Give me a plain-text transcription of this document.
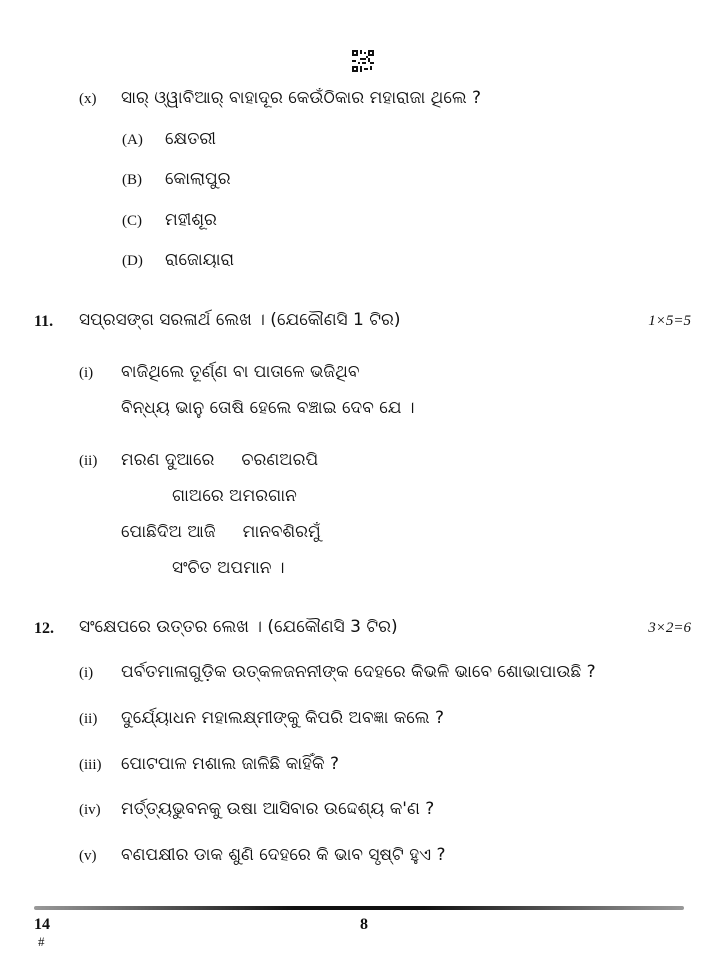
(x) ସାର୍ ଓ୍ୱାବିଆର୍ ବାହାଦୂର କେଉଁଠିକାର ମହାରାଜା ଥିଲେ ?
(A) କ୍ଷେତରୀ
(B) କୋଲାପୁର
(C) ମହୀଶୂର
(D) ରାଜୋୟାରା
11. ସପ୍ରସଙ୍ଗ ସରଳାର୍ଥ ଲେଖ । (ଯେକୌଣସି 1 ଟିର)	1×5=5
(i) ବାଜିଥିଲେ ତୂର୍ଣ୍ଣ ବା ପାତାଳେ ଭଜିଥିବ
ବିନ୍ଧ୍ୟ ଭାନୁ ତୋଷି ହେଲେ ବଞ୍ଚାଇ ଦେବ ଯେ ।
(ii) ମରଣ ଦୁଆରେ     ଚରଣଅରପି
ଗାଅରେ ଅମରଗାନ
ପୋଛିଦିଅ ଆଜି     ମାନବଶିରମୁଁ
ସଂଚିତ ଅପମାନ ।
12. ସଂକ୍ଷେପରେ ଉତ୍ତର ଲେଖ । (ଯେକୌଣସି 3 ଟିର)	3×2=6
(i) ପର୍ବତମାଳାଗୁଡ଼ିକ ଉତ୍କଳଜନନୀଙ୍କ ଦେହରେ କିଭଳି ଭାବେ ଶୋଭାପାଉଛି ?
(ii) ଦୁର୍ଯ୍ୟୋଧନ ମହାଲକ୍ଷ୍ମୀଙ୍କୁ କିପରି ଅବଜ୍ଞା କଲେ ?
(iii) ପୋଟପାଳ ମଶାଲ ଜାଳିଛି କାହିଁକି ?
(iv) ମର୍ତ୍ତ୍ୟଭୁବନକୁ ଉଷା ଆସିବାର ଉଦ୍ଦେଶ୍ୟ କ'ଣ ?
(v) ବଣପକ୍ଷୀର ଡାକ ଶୁଣି ଦେହରେ କି ଭାବ ସୃଷ୍ଟି ହୁଏ ?
14
#
8
